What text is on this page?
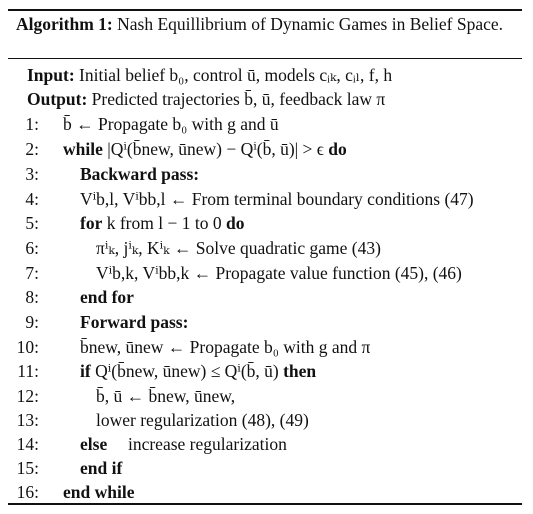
Algorithm 1: Nash Equillibrium of Dynamic Games in Belief Space.
Input: Initial belief b₀, control ū, models cᵢₖ, cᵢₗ, f, h
Output: Predicted trajectories b̄, ū, feedback law π
1: b̄ ← Propagate b₀ with g and ū
2: while |Qⁱ(b̄new, ūnew) − Qⁱ(b̄, ū)| > ϵ do
3: Backward pass:
4: Vⁱb,l, Vⁱbb,l ← From terminal boundary conditions (47)
5: for k from l − 1 to 0 do
6:	πⁱₖ, jⁱₖ, Kⁱₖ ← Solve quadratic game (43)
7:	Vⁱb,k, Vⁱbb,k ← Propagate value function (45), (46)
8: end for
9: Forward pass:
10: b̄new, ūnew ← Propagate b₀ with g and π
11: if Qⁱ(b̄new, ūnew) ≤ Qⁱ(b̄, ū) then
12:	b̄, ū ← b̄new, ūnew,
13:	lower regularization (48), (49)
14: else increase regularization
15: end if
16: end while
